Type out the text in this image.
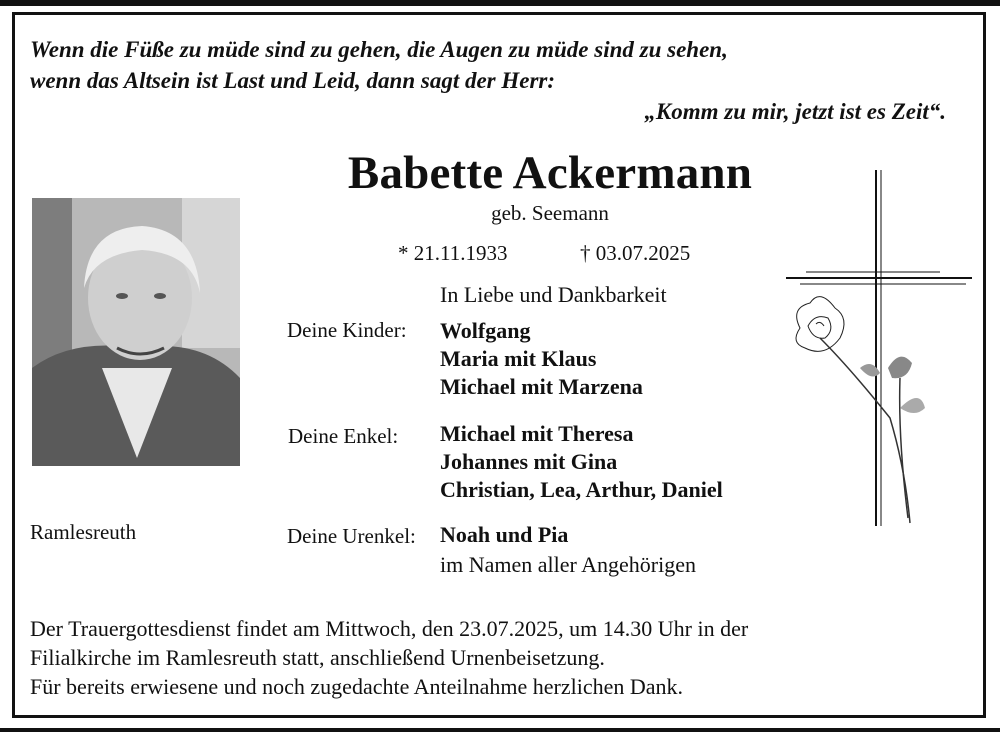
Wenn die Füße zu müde sind zu gehen, die Augen zu müde sind zu sehen,
wenn das Altsein ist Last und Leid, dann sagt der Herr:
„Komm zu mir, jetzt ist es Zeit“.
Babette Ackermann
geb. Seemann
* 21.11.1933	† 03.07.2025
Ramlesreuth
In Liebe und Dankbarkeit
Deine Kinder: Wolfgang
Maria mit Klaus
Michael mit Marzena
Deine Enkel: Michael mit Theresa
Johannes mit Gina
Christian, Lea, Arthur, Daniel
Deine Urenkel: Noah und Pia
im Namen aller Angehörigen
Der Trauergottesdienst findet am Mittwoch, den 23.07.2025, um 14.30 Uhr in der
Filialkirche im Ramlesreuth statt, anschließend Urnenbeisetzung.
Für bereits erwiesene und noch zugedachte Anteilnahme herzlichen Dank.
